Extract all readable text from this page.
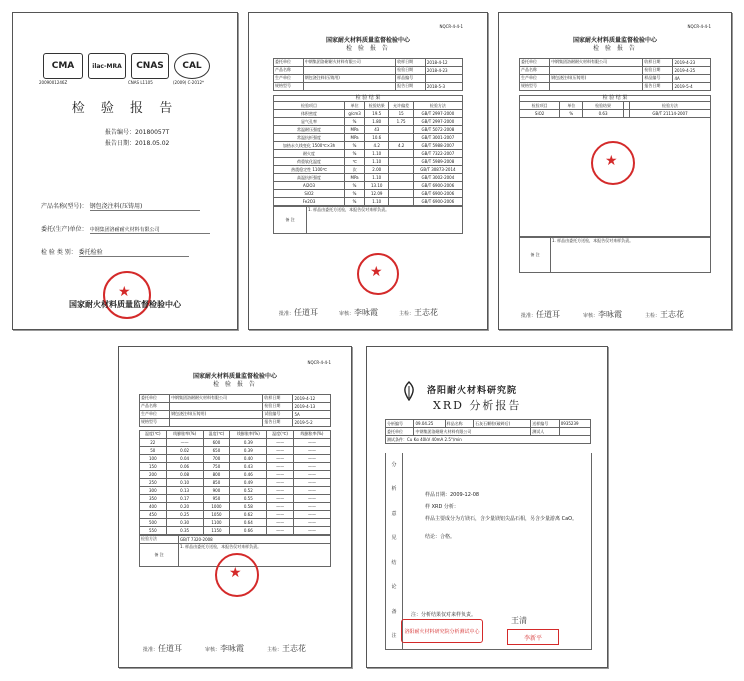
CMA	ilac-MRA CNAS CAL
2009001246Z	CNAS L1105	(2009) C-2012*
检 验 报 告
报告编号：20180057T
报告日期：2018.05.02
产品名称(型号)： 钢包浇注料(压铸用)
委托(生产)单位： 中钢集团洛耐耐火材料有限公司
检 验 类 别： 委托检验
★
国家耐火材料质量监督检验中心
NQCR-4-4-1
国家耐火材料质量监督检验中心
检 验 报 告
委托单位	中钢集团洛耐耐火材料有限公司	收样日期	2018-4-12
产品名称		检验日期	2018-4-23
生产单位	钢包浇注料(压铸用)	样品编号	
规格型号		报告日期	2018-5-3
检 验 结 果
检验项目	单位	检验结果	允许偏差	检验方法
体积密度	g/cm3	19.5	15	GB/T 2997-2000
显气孔率	%	1.80	1.75	GB/T 2997-2000
常温耐压强度	MPa	43		GB/T 5072-2008
常温抗折强度	MPa	10.6		GB/T 3001-2007
加热永久线变化 1500℃×3h	%	4.2	4.2	GB/T 5988-2007
耐火度	%	1.10		GB/T 7322-2007
荷重软化温度	℃	1.10		GB/T 5989-2008
热震稳定性 1100℃	次	2.00		GB/T 30873-2014
高温抗折强度	MPa	1.10		GB/T 3002-2004
Al2O3	%	13.10		GB/T 6900-2006
SiO2	%	12.09		GB/T 6900-2006
Fe2O3	%	1.10		GB/T 6900-2006
备 注	1. 样品由委托方送检，本报告仅对来样负责。
★
批准：任道耳	审核：李咏霞	主检：王志花
NQCR-4-4-1
国家耐火材料质量监督检验中心
检 验 报 告
委托单位	中钢集团洛耐耐火材料有限公司	收样日期	2019-4-23
产品名称		检验日期	2019-4-25
生产单位	钢包浇注料(压铸用)	样品编号	4A
规格型号		报告日期	2019-5-4
检 验 结 果
检验项目	单位	检验结果		检验方法
SiO2	%	0.63		GB/T 21114-2007
备 注	1. 样品由委托方送检，本报告仅对来样负责。
★
批准：任道耳	审核：李咏霞	主检：王志花
NQCR-4-4-1
国家耐火材料质量监督检验中心
检 验 报 告
委托单位	中钢集团洛耐耐火材料有限公司	收样日期	2019-4-12
产品名称		检验日期	2019-4-13
生产单位	钢包浇注料(压铸用)	试验编号	5A
规格型号		报告日期	2019-5-2
温度(℃)	线膨胀率(%)	温度(℃)	线膨胀率(%)	温度(℃)	线膨胀率(%)
22	——	600	0.39	——	——
50	0.02	650	0.39	——	——
100	0.04	700	0.40	——	——
150	0.06	750	0.43	——	——
200	0.08	800	0.46	——	——
250	0.10	850	0.49	——	——
300	0.13	900	0.52	——	——
350	0.17	950	0.55	——	——
400	0.20	1000	0.58	——	——
450	0.25	1050	0.62	——	——
500	0.30	1100	0.64	——	——
550	0.35	1150	0.66	——	——
检验方法	GB/T 7320-2008
备 注	1. 样品由委托方送检，本报告仅对来样负责。
★
批准：任道耳	审核：李咏霞	主检：王志花
洛阳耐火材料研究院
XRD 分析报告
分析编号	09.04.25	样品名称	石灰石颗粒(破碎后)	送样编号	0935239
委托单位	中钢集团洛耐耐火材料有限公司			测试人	
测试条件：Cu Kα 40kV 40mA 2.5°/min					
分
析
意
见
结
论
备
注
样品日期：2009-12-08
样 XRD 分析：
样品主要成分为方镁石，含少量镁铝尖晶石相，另含少量游离 CaO。
结论：合格。
注：分析结果仅对来样负责。
洛阳耐火材料研究院分析测试中心
王清
李新平
